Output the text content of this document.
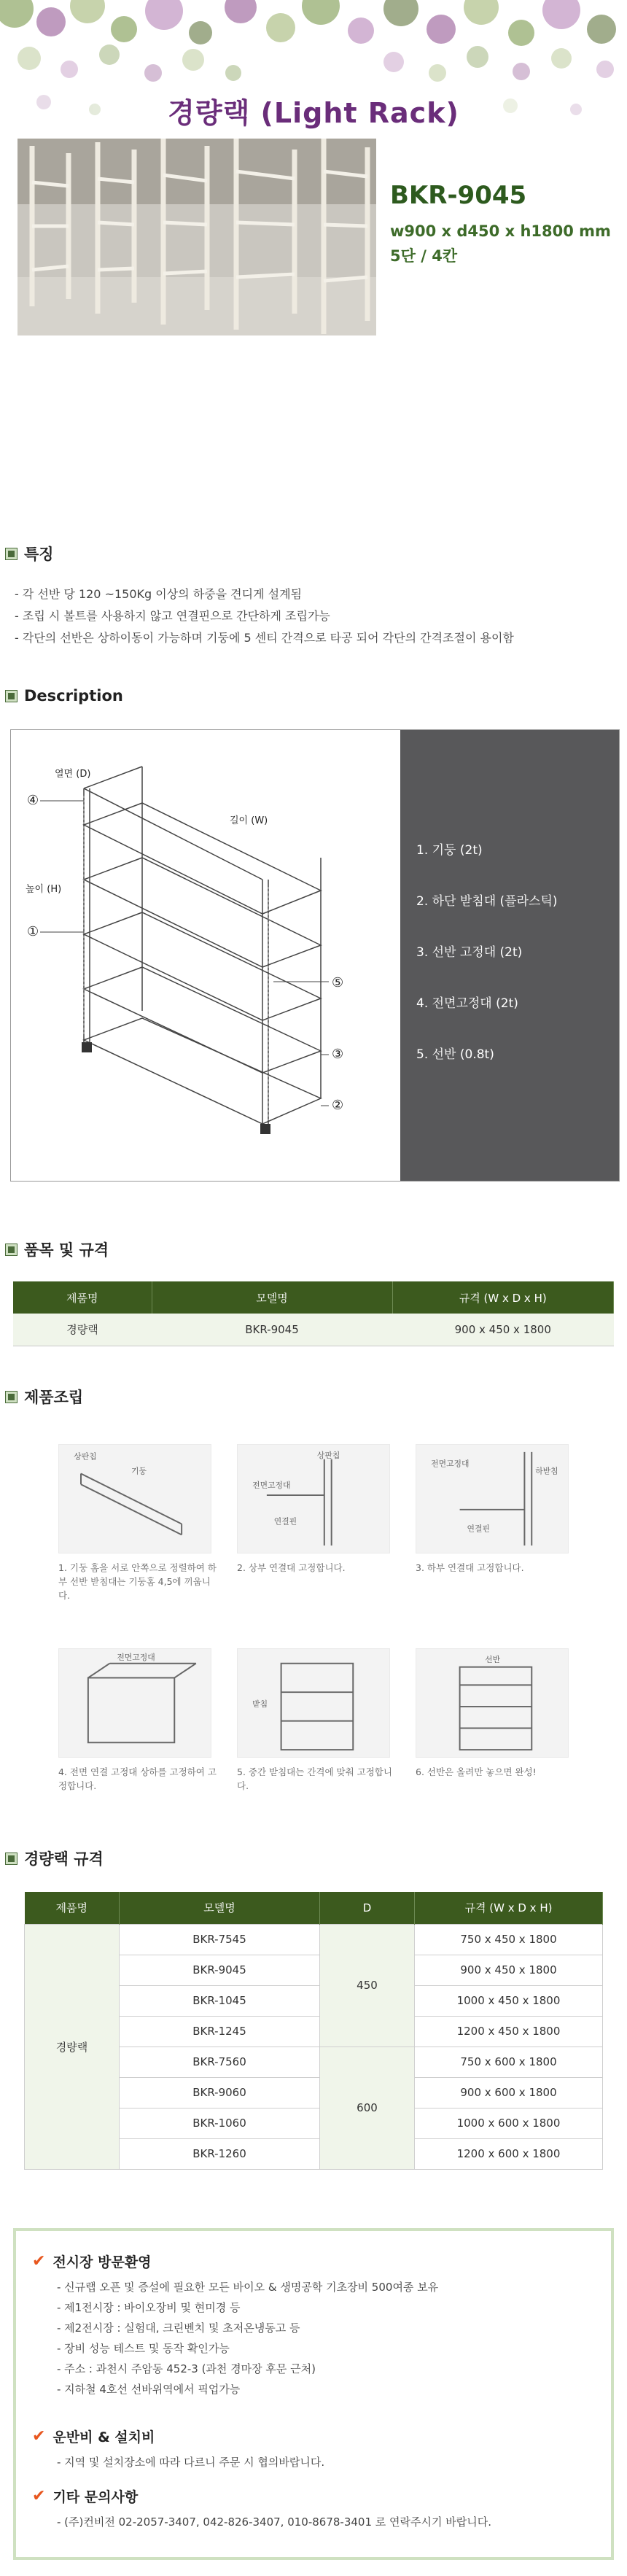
경량랙 (Light Rack)
BKR-9045
w900 x d450 x h1800 mm
5단 / 4칸
특징
- 각 선반 당 120 ~150Kg 이상의 하중을 견디게 설계됨
- 조립 시 볼트를 사용하지 않고 연결핀으로 간단하게 조립가능
- 각단의 선반은 상하이동이 가능하며 기둥에 5 센티 간격으로 타공 되어 각단의 간격조절이 용이함
Description
열면 (D)
길이 (W)
높이 (H)
④
①
⑤
③
②
1. 기둥 (2t)
2. 하단 받침대 (플라스틱)
3. 선반 고정대 (2t)
4. 전면고정대 (2t)
5. 선반 (0.8t)
품목 및 규격
제품명	모델명	규격 (W x D x H)
경량랙	BKR-9045	900 x 450 x 1800
제품조립
상판칩
기둥
1. 기둥 홈을 서로 안쪽으로 정렬하여 하부 선반 받침대는 기둥홈 4,5에 끼웁니다.
상판칩
전면고정대
연결핀
2. 상부 연결대 고정합니다.
전면고정대
하받침
연결핀
3. 하부 연결대 고정합니다.
전면고정대
4. 전면 연결 고정대 상하를 고정하여 고정합니다.
받침
5. 중간 받침대는 간격에 맞춰 고정합니다.
선반
6. 선반은 올려만 놓으면 완성!
경량랙 규격
제품명	모델명	D	규격 (W x D x H)
경량랙	BKR-7545	450	750 x 450 x 1800
	BKR-9045		900 x 450 x 1800
	BKR-1045		1000 x 450 x 1800
	BKR-1245		1200 x 450 x 1800
	BKR-7560	600	750 x 600 x 1800
	BKR-9060		900 x 600 x 1800
	BKR-1060		1000 x 600 x 1800
	BKR-1260		1200 x 600 x 1800
✔ 전시장 방문환영
- 신규랩 오픈 및 증설에 필요한 모든 바이오 & 생명공학 기초장비 500여종 보유
- 제1전시장 : 바이오장비 및 현미경 등
- 제2전시장 : 실험대, 크린벤치 및 초저온냉동고 등
- 장비 성능 테스트 및 동작 확인가능
- 주소 : 과천시 주암동 452-3 (과천 경마장 후문 근처)
- 지하철 4호선 선바위역에서 픽업가능
✔ 운반비 & 설치비
- 지역 및 설치장소에 따라 다르니 주문 시 협의바랍니다.
✔ 기타 문의사항
- (주)컨비전 02-2057-3407, 042-826-3407, 010-8678-3401 로 연락주시기 바랍니다.
